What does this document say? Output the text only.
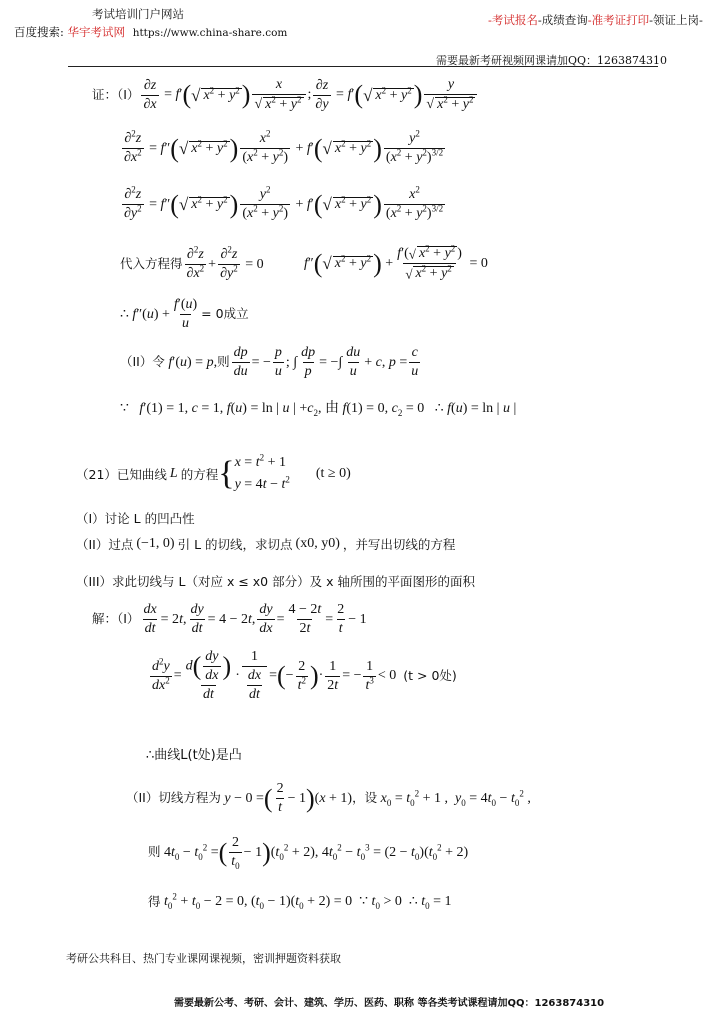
考试培训门户网站
百度搜索: 华宇考试网 https://www.china-share.com
-考试报名-成绩查询-准考证打印-领证上岗-
需要最新考研视频网课请加QQ：1263874310
证：$(I) \frac{\partial z}{\partial x} = f'$ ( √ $x^2 + y^2$ ) $\frac{x}{√ x^2 + y^2}$ ; $\frac{\partial z}{\partial y} = f'$ ( √ $x^2 + y^2$ ) $\frac{y}{√ x^2 + y^2}$
$\frac{\partial^2z}{\partial x^2} = f''$ ( √ $x^2 + y^2$ ) $\frac{x^2}{(x^2 + y^2)} + f'$ ( √ $x^2 + y^2$ ) $\frac{y^2}{(x^2 + y^2)^{3/2}}$
$\frac{\partial^2z}{\partial y^2} = f''$ ( √ $x^2 + y^2$ ) $\frac{y^2}{(x^2 + y^2)} + f'$ ( √ $x^2 + y^2$ ) $\frac{x^2}{(x^2 + y^2)^{3/2}}$
代入方程得 $\frac{\partial^2z}{\partial x^2} + \frac{\partial^2z}{\partial y^2} = 0$	f″ ( √ $x^2 + y^2$ ) + $\frac{f'(√ x^2 + y^2 )}{√ x^2 + y^2} = 0$
∴ $f''(u) + \frac{f'(u)}{u} = 0$成立
（II）令 f′(u) = p, 则 $\frac{dp}{du}$ = − $\frac{p}{u}$ ; ∫ $\frac{dp}{p}$ = −∫ $\frac{du}{u} + c$, $p = \frac{c}{u}$
∵   f′(1) = 1, c = 1, f(u) = ln | u | $+c_2$, 由 f(1) = 0, $c_2 = 0$   ∴ f(u) = ln | u |
（21） 已知曲线 L 的方程 { $x = t^2 + 1$
$y = 4t - t^2$ (t ≥ 0)
（I）讨论 L 的凹凸性
（II）过点 (−1, 0) 引 L 的切线，求切点 (x0, y0) ，并写出切线的方程
（III）求此切线与 L（对应 x ≤ x0 部分）及 x 轴所围的平面图形的面积
解：$(I) \frac{dx}{dt} = 2t$, $\frac{dy}{dt} = 4 - 2t$, $\frac{dy}{dx} = \frac{4 - 2t}{2t} = \frac{2}{t} - 1$
$\frac{d^2y}{dx^2} = \frac{d( \frac{dy}{dx} )}{dt} \cdot \frac{1}{\frac{dx}{dt}}$ = ( − $\frac{2}{t^2}$ ) · $\frac{1}{2t}$ = − $\frac{1}{t^3} < 0$ (t > 0处)
∴曲线L(t处)是凸
（II）切线方程为 y − 0 = ( $\frac{2}{t} - 1$ ) (x + 1) ，设 $x_0 = t_0^2 + 1$ ,  $y_0 = 4t_0 - t_0^2$ ,
则 $4t_0 - t_0^2$ = ( $\frac{2}{t_0} - 1$ ) $(t_0^2 + 2)$, $4t_0^2 - t_0^3 = (2 - t_0)(t_0^2 + 2)$
得 $t_0^2 + t_0 - 2 = 0$, $(t_0 - 1)(t_0 + 2) = 0$  ∵ $t_0 > 0$  ∴ $t_0 = 1$
考研公共科目、热门专业课网课视频，密训押题资料获取
需要最新公考、考研、会计、建筑、学历、医药、职称 等各类考试课程请加QQ：1263874310
